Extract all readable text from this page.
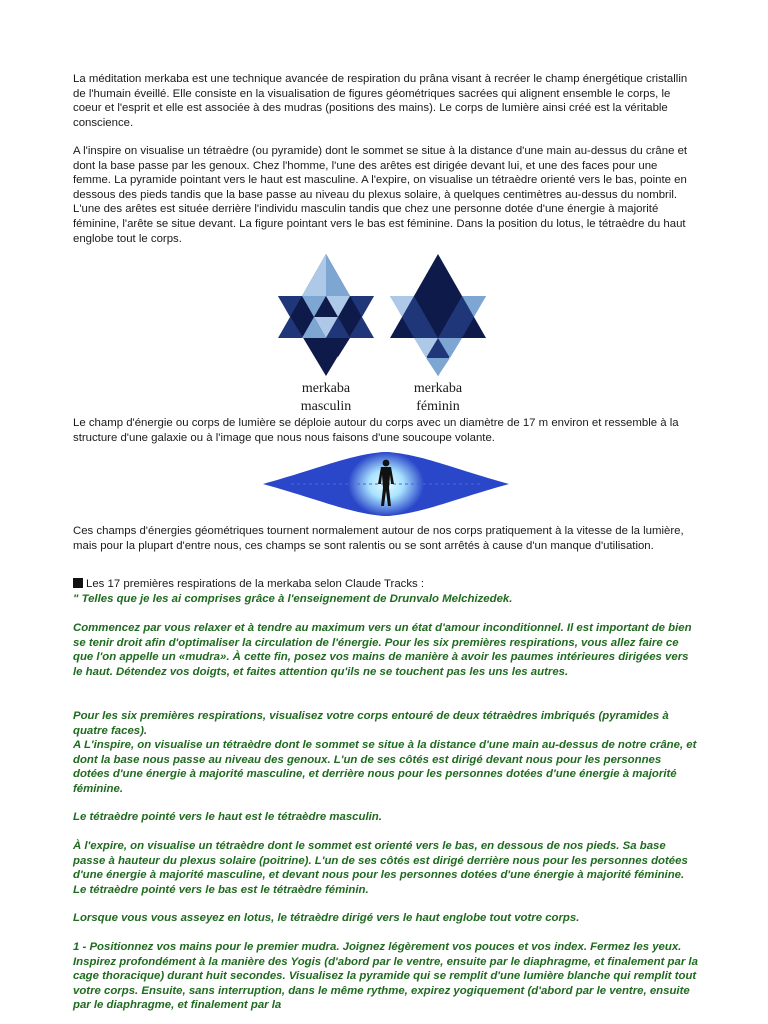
La méditation merkaba est une technique avancée de respiration du prâna visant à recréer le champ énergétique cristallin de l'humain éveillé. Elle consiste en la visualisation de figures géométriques sacrées qui alignent ensemble le corps, le coeur et l'esprit et elle est associée à des mudras (positions des mains). Le corps de lumière ainsi créé est la véritable conscience.

A l'inspire on visualise un tétraèdre (ou pyramide) dont le sommet se situe à la distance d'une main au-dessus du crâne et dont la base passe par les genoux. Chez l'homme, l'une des arêtes est dirigée devant lui, et une des faces pour une femme. La pyramide pointant vers le haut est masculine. A l'expire, on visualise un tétraèdre orienté vers le bas, pointe en dessous des pieds tandis que la base passe au niveau du plexus solaire, à quelques centimètres au-dessus du nombril. L'une des arêtes est située derrière l'individu masculin tandis que chez une personne dotée d'une énergie à majorité féminine, l'arête se situe devant. La figure pointant vers le bas est féminine. Dans la position du lotus, le tétraèdre du haut englobe tout le corps.

merkaba
masculin
merkaba
féminin

Le champ d'énergie ou corps de lumière se déploie autour du corps avec un diamètre de 17 m environ et ressemble à la structure d'une galaxie ou à l'image que nous nous faisons d'une soucoupe volante.

Ces champs d'énergies géométriques tournent normalement autour de nos corps pratiquement à la vitesse de la lumière, mais pour la plupart d'entre nous, ces champs se sont ralentis ou se sont arrêtés à cause d'un manque d'utilisation.

Les 17 premières respirations de la merkaba selon Claude Tracks :

" Telles que je les ai comprises grâce à l'enseignement de Drunvalo Melchizedek.

Commencez par vous relaxer et à tendre au maximum vers un état d'amour inconditionnel. Il est important de bien se tenir droit afin d'optimaliser la circulation de l'énergie. Pour les six premières respirations, vous allez faire ce que l'on appelle un «mudra». À cette fin, posez vos mains de manière à avoir les paumes intérieures dirigées vers le haut. Détendez vos doigts, et faites attention qu'ils ne se touchent pas les uns les autres.

Pour les six premières respirations, visualisez votre corps entouré de deux tétraèdres imbriqués (pyramides à quatre faces).

A L'inspire, on visualise un tétraèdre dont le sommet se situe à la distance d'une main au-dessus de notre crâne, et dont la base nous passe au niveau des genoux. L'un de ses côtés est dirigé devant nous pour les personnes dotées d'une énergie à majorité masculine, et derrière nous pour les personnes dotées d'une énergie à majorité féminine.

Le tétraèdre pointé vers le haut est le tétraèdre masculin.

À l'expire, on visualise un tétraèdre dont le sommet est orienté vers le bas, en dessous de nos pieds. Sa base passe à hauteur du plexus solaire (poitrine). L'un de ses côtés est dirigé derrière nous pour les personnes dotées d'une énergie à majorité masculine, et devant nous pour les personnes dotées d'une énergie à majorité féminine. Le tétraèdre pointé vers le bas est le tétraèdre féminin.

Lorsque vous vous asseyez en lotus, le tétraèdre dirigé vers le haut englobe tout votre corps.

1 - Positionnez vos mains pour le premier mudra. Joignez légèrement vos pouces et vos index. Fermez les yeux. Inspirez profondément à la manière des Yogis (d'abord par le ventre, ensuite par le diaphragme, et finalement par la cage thoracique) durant huit secondes. Visualisez la pyramide qui se remplit d'une lumière blanche qui remplit tout votre corps. Ensuite, sans interruption, dans le même rythme, expirez yogiquement (d'abord par le ventre, ensuite par le diaphragme, et finalement par la
